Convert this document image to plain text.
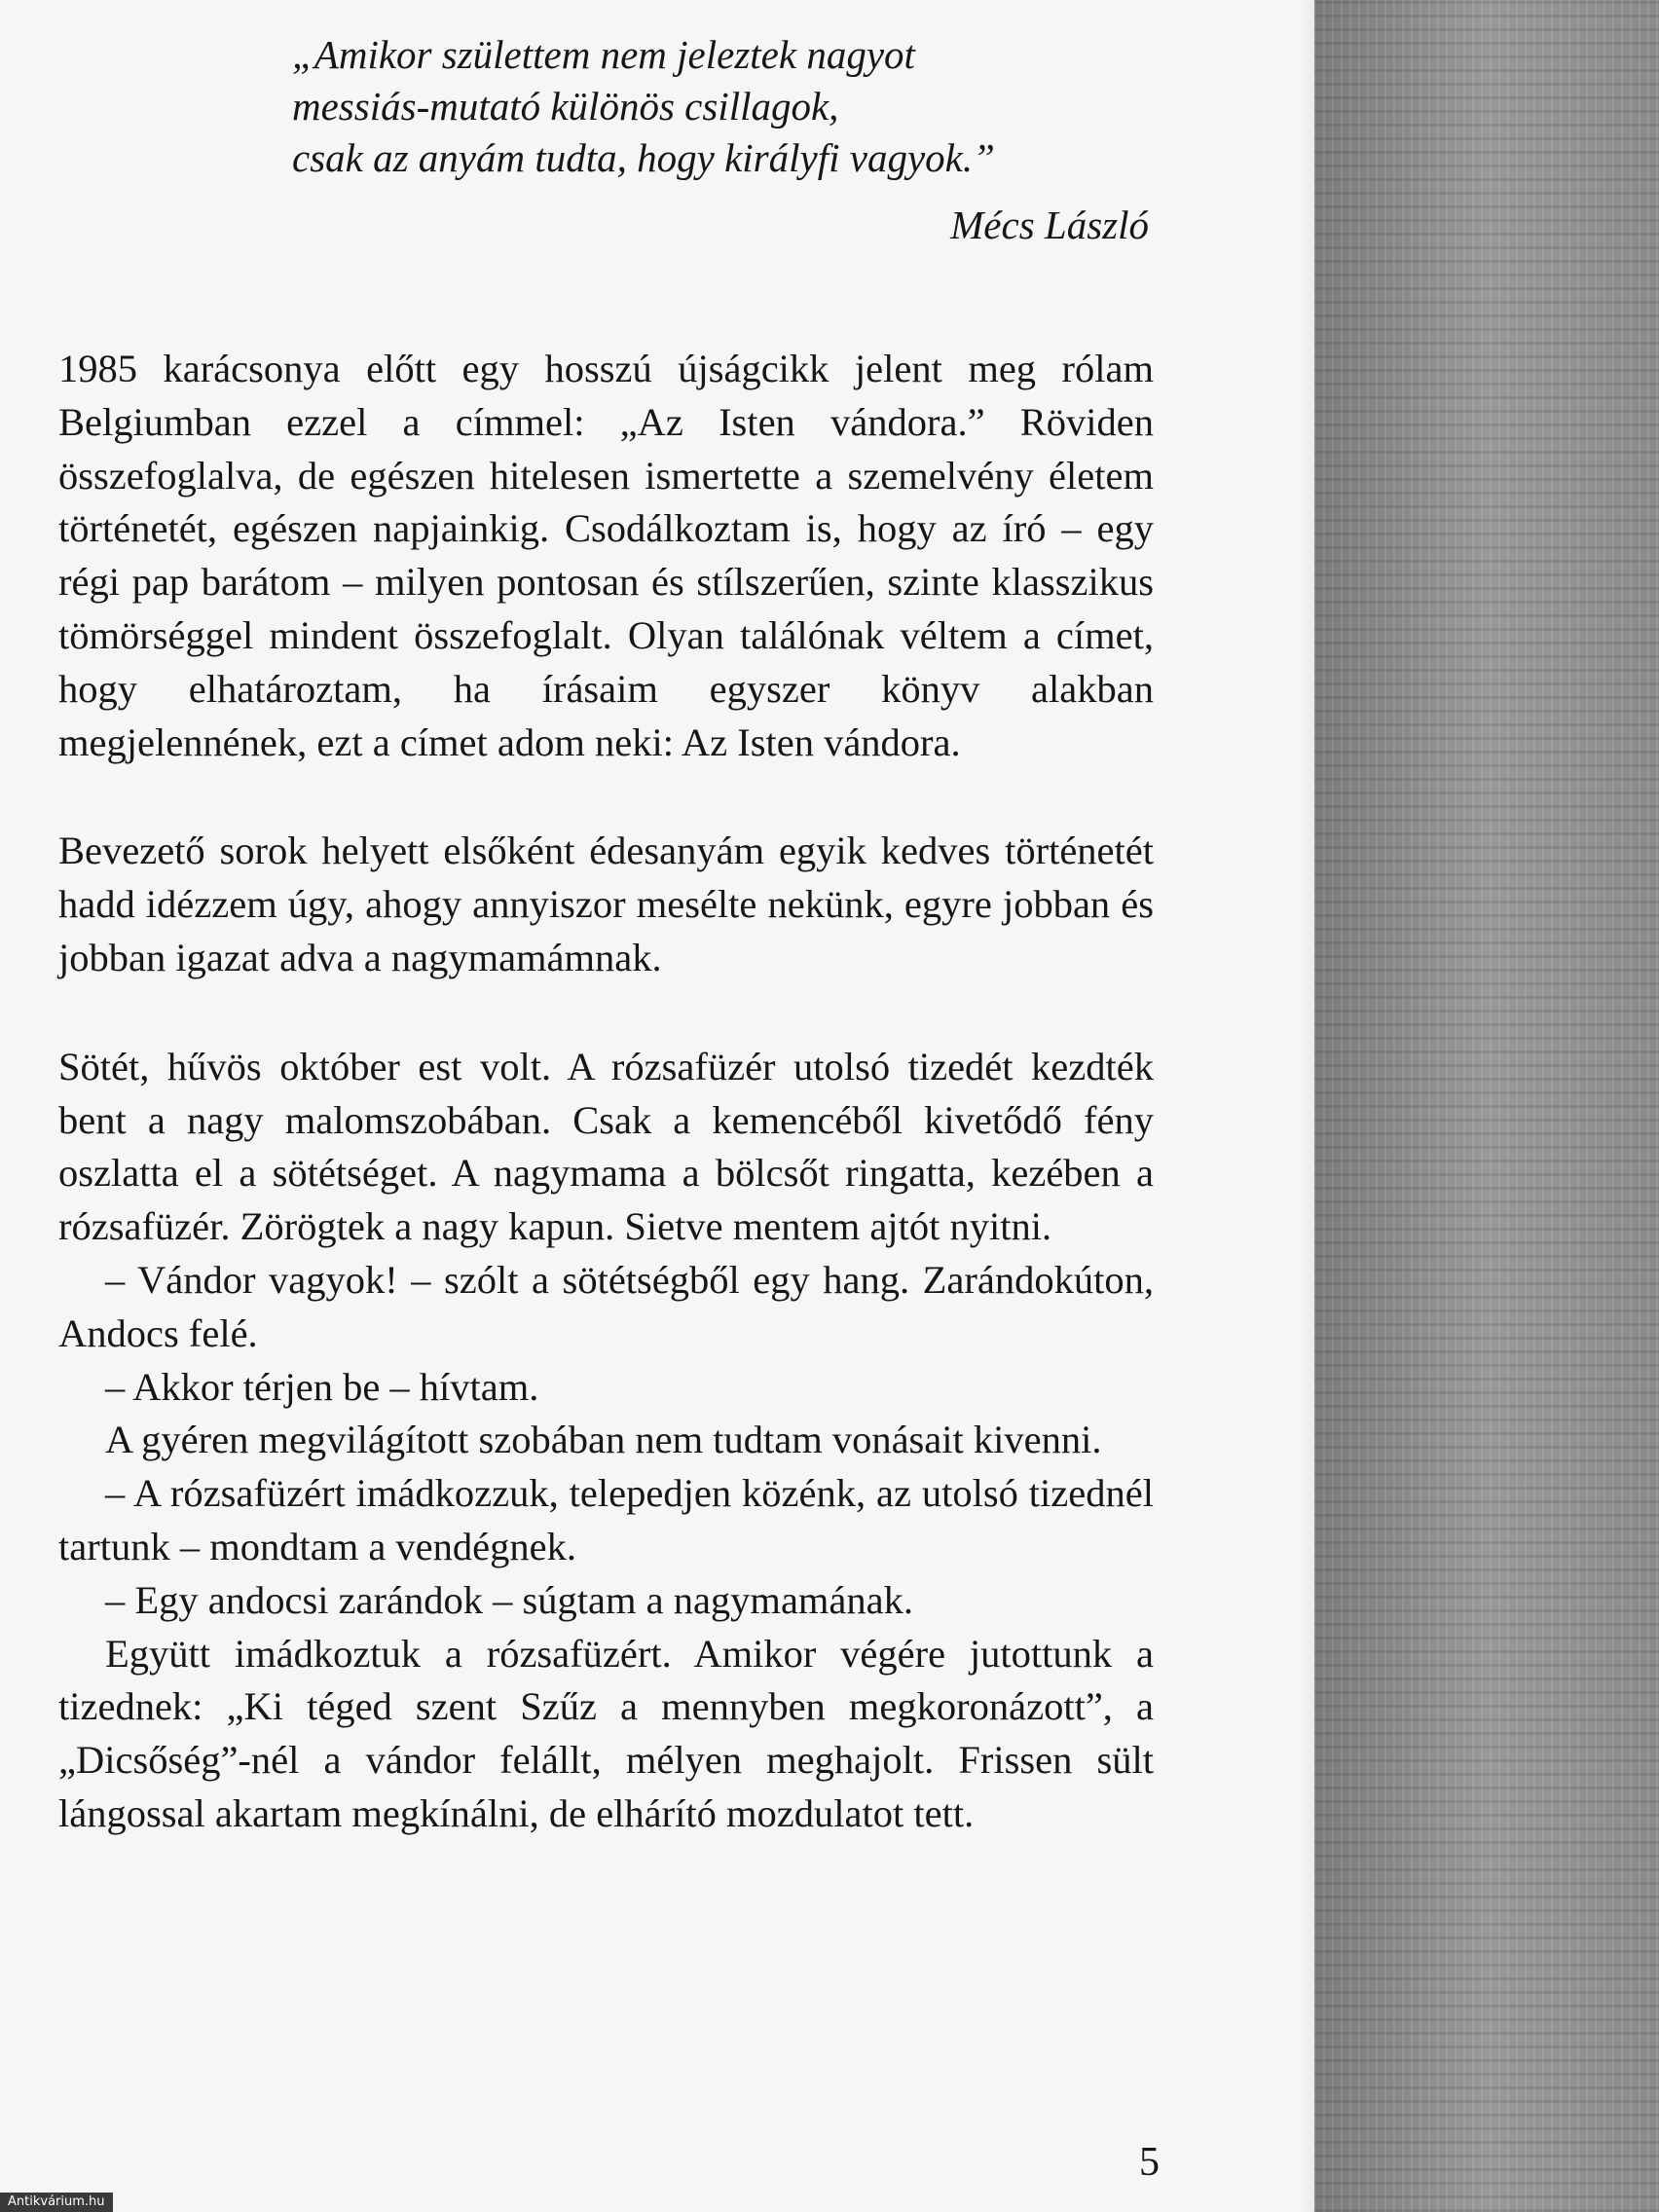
„Amikor születtem nem jeleztek nagyot
messiás-mutató különös csillagok,
csak az anyám tudta, hogy királyfi vagyok.”
Mécs László

1985 karácsonya előtt egy hosszú újságcikk jelent meg rólam Belgiumban ezzel a címmel: „Az Isten vándora.” Röviden összefoglalva, de egészen hitelesen ismertette a szemelvény életem történetét, egészen napjainkig. Csodálkoztam is, hogy az író – egy régi pap barátom – milyen pontosan és stílszerűen, szinte klasszikus tömörséggel mindent összefoglalt. Olyan találónak véltem a címet, hogy elhatároztam, ha írásaim egyszer könyv alakban megjelennének, ezt a címet adom neki: Az Isten vándora.

Bevezető sorok helyett elsőként édesanyám egyik kedves történetét hadd idézzem úgy, ahogy annyiszor mesélte nekünk, egyre jobban és jobban igazat adva a nagymamámnak.

Sötét, hűvös október est volt. A rózsafüzér utolsó tizedét kezdték bent a nagy malomszobában. Csak a kemencéből kivetődő fény oszlatta el a sötétséget. A nagymama a bölcsőt ringatta, kezében a rózsafüzér. Zörögtek a nagy kapun. Sietve mentem ajtót nyitni.

– Vándor vagyok! – szólt a sötétségből egy hang. Zarándokúton, Andocs felé.

– Akkor térjen be – hívtam.

A gyéren megvilágított szobában nem tudtam vonásait kivenni.

– A rózsafüzért imádkozzuk, telepedjen közénk, az utolsó tizednél tartunk – mondtam a vendégnek.

– Egy andocsi zarándok – súgtam a nagymamának.

Együtt imádkoztuk a rózsafüzért. Amikor végére jutottunk a tizednek: „Ki téged szent Szűz a mennyben megkoronázott”, a „Dicsőség”-nél a vándor felállt, mélyen meghajolt. Frissen sült lángossal akartam megkínálni, de elhárító mozdulatot tett.

5
Antikvárium.hu
